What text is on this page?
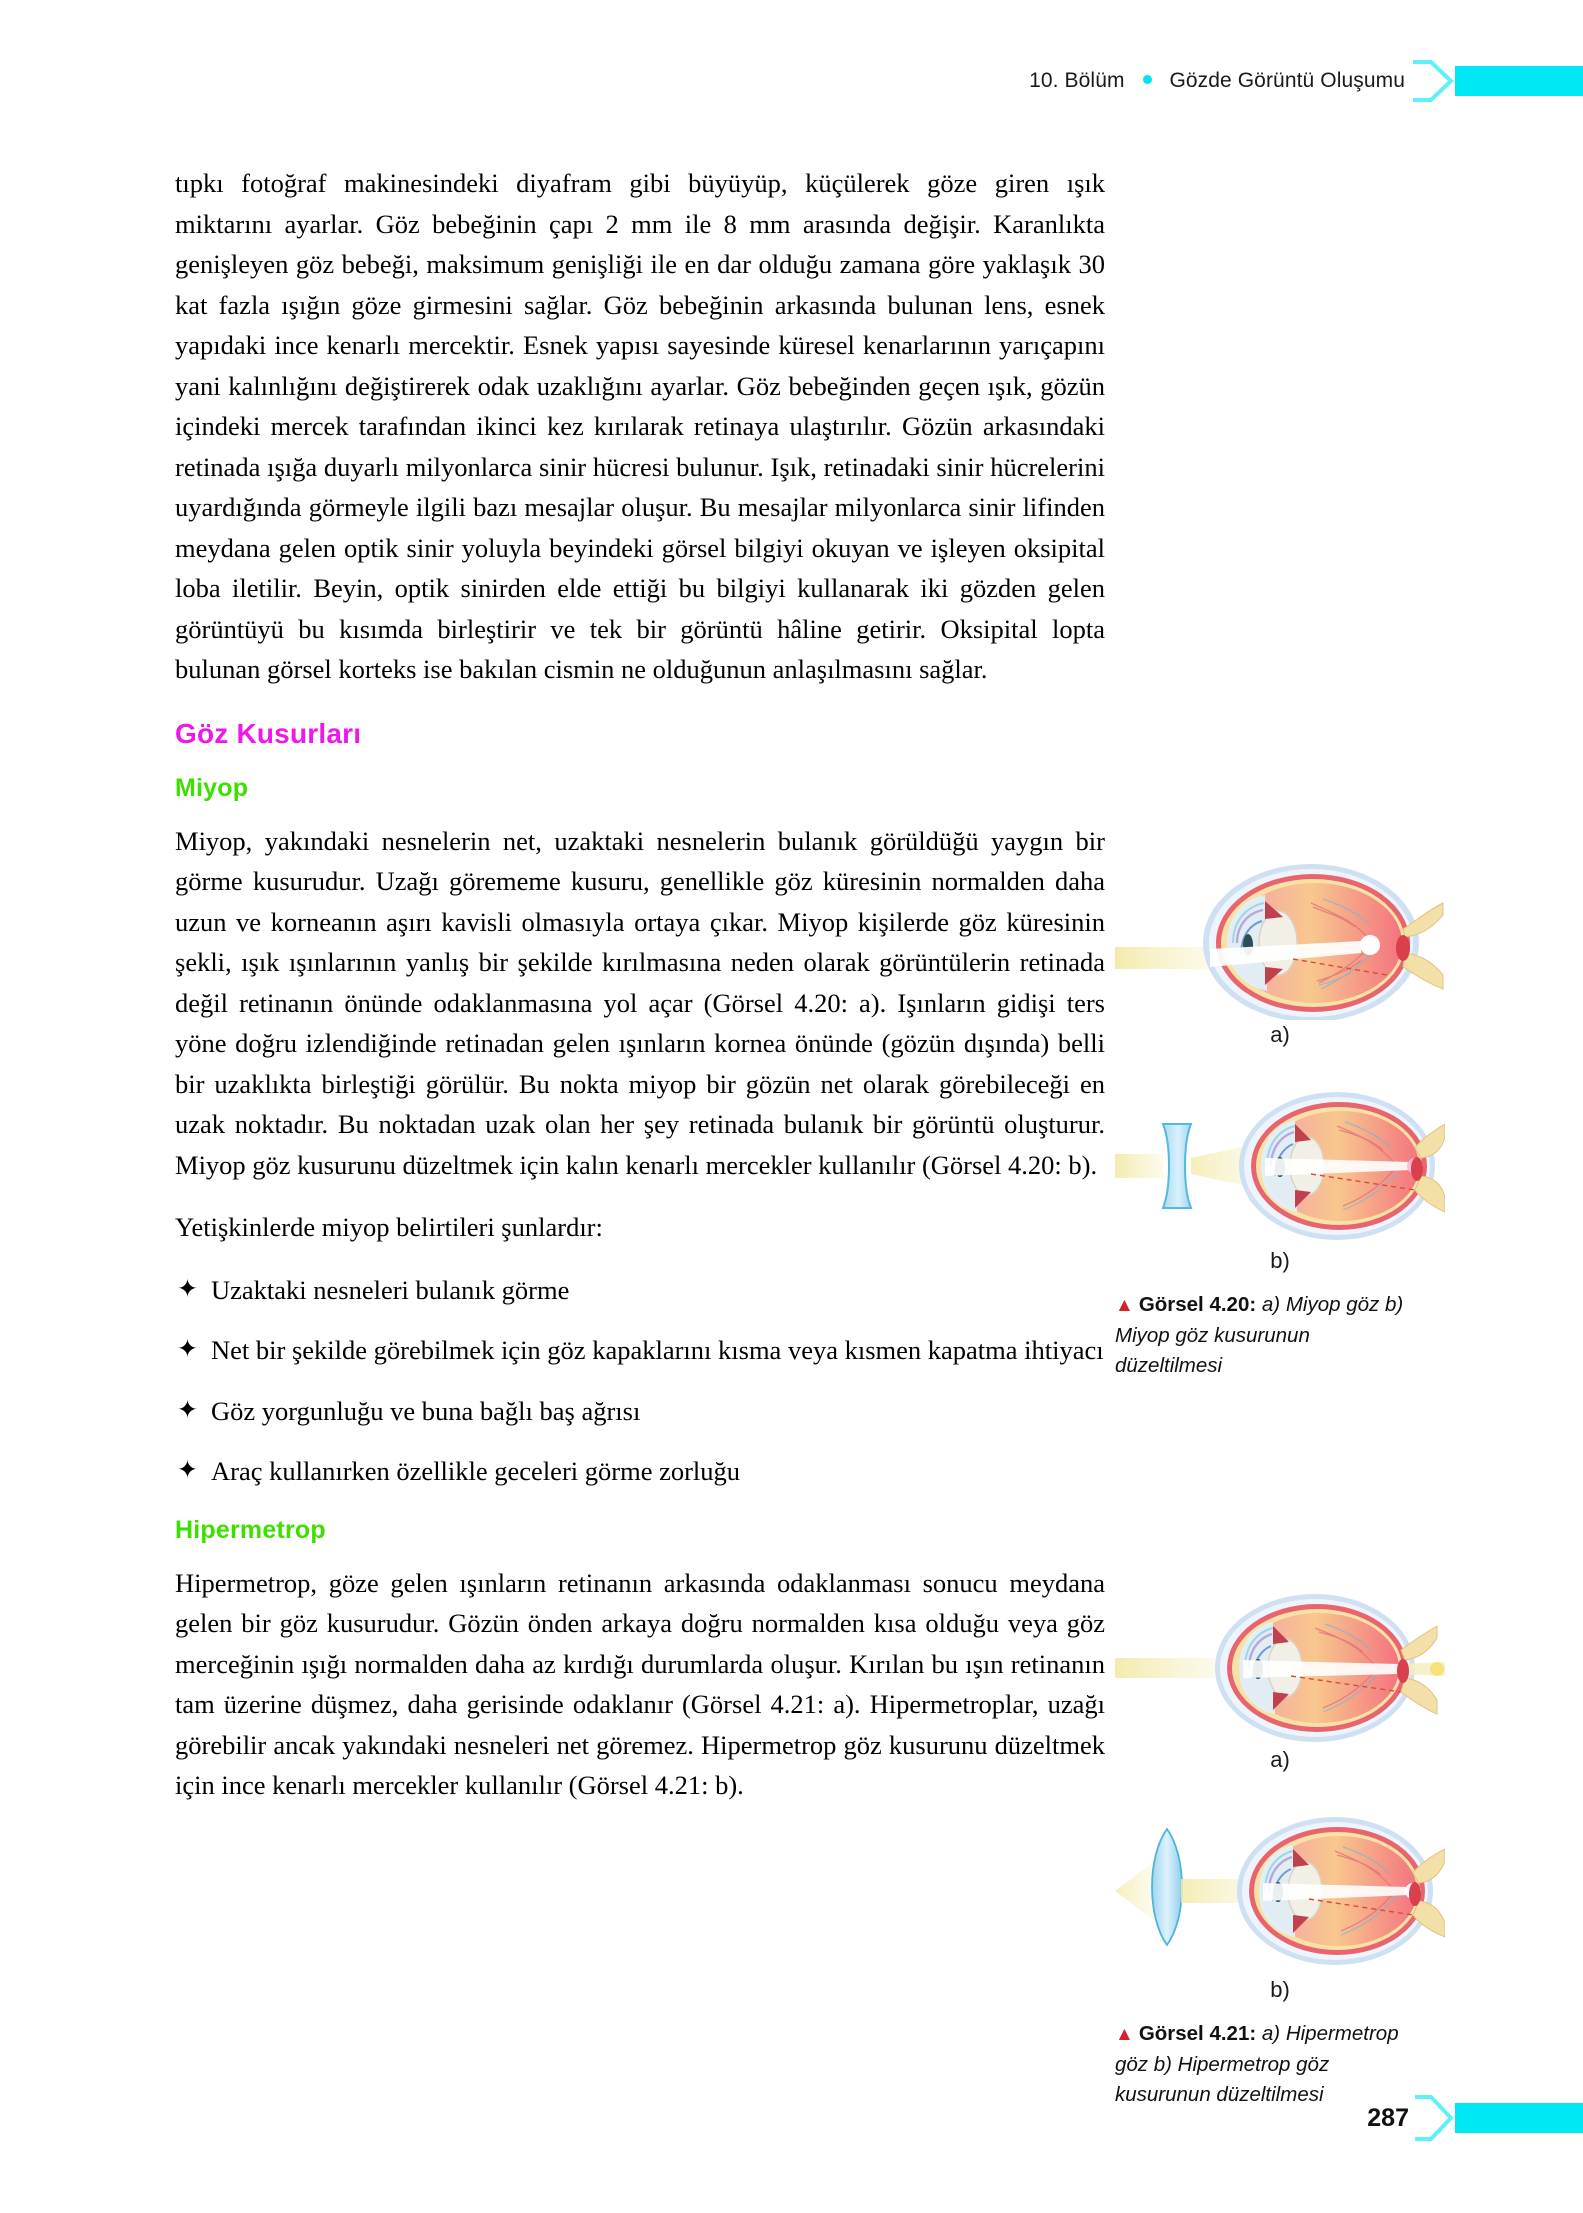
10. Bölüm Gözde Görüntü Oluşumu

tıpkı fotoğraf makinesindeki diyafram gibi büyüyüp, küçülerek göze giren ışık miktarını ayarlar. Göz bebeğinin çapı 2 mm ile 8 mm arasında değişir. Karanlıkta genişleyen göz bebeği, maksimum genişliği ile en dar olduğu zamana göre yaklaşık 30 kat fazla ışığın göze girmesini sağlar. Göz bebeğinin arkasında bulunan lens, esnek yapıdaki ince kenarlı mercektir. Esnek yapısı sayesinde küresel kenarlarının yarıçapını yani kalınlığını değiştirerek odak uzaklığını ayarlar. Göz bebeğinden geçen ışık, gözün içindeki mercek tarafından ikinci kez kırılarak retinaya ulaştırılır. Gözün arkasındaki retinada ışığa duyarlı milyonlarca sinir hücresi bulunur. Işık, retinadaki sinir hücrelerini uyardığında görmeyle ilgili bazı mesajlar oluşur. Bu mesajlar milyonlarca sinir lifinden meydana gelen optik sinir yoluyla beyindeki görsel bilgiyi okuyan ve işleyen oksipital loba iletilir. Beyin, optik sinirden elde ettiği bu bilgiyi kullanarak iki gözden gelen görüntüyü bu kısımda birleştirir ve tek bir görüntü hâline getirir. Oksipital lopta bulunan görsel korteks ise bakılan cismin ne olduğunun anlaşılmasını sağlar.

Göz Kusurları
Miyop

Miyop, yakındaki nesnelerin net, uzaktaki nesnelerin bulanık görüldüğü yaygın bir görme kusurudur. Uzağı görememe kusuru, genellikle göz küresinin normalden daha uzun ve korneanın aşırı kavisli olmasıyla ortaya çıkar. Miyop kişilerde göz küresinin şekli, ışık ışınlarının yanlış bir şekilde kırılmasına neden olarak görüntülerin retinada değil retinanın önünde odaklanmasına yol açar (Görsel 4.20: a). Işınların gidişi ters yöne doğru izlendiğinde retinadan gelen ışınların kornea önünde (gözün dışında) belli bir uzaklıkta birleştiği görülür. Bu nokta miyop bir gözün net olarak görebileceği en uzak noktadır. Bu noktadan uzak olan her şey retinada bulanık bir görüntü oluşturur. Miyop göz kusurunu düzeltmek için kalın kenarlı mercekler kullanılır (Görsel 4.20: b).

Yetişkinlerde miyop belirtileri şunlardır:

✦ Uzaktaki nesneleri bulanık görme
✦ Net bir şekilde görebilmek için göz kapaklarını kısma veya kısmen kapatma ihtiyacı
✦ Göz yorgunluğu ve buna bağlı baş ağrısı
✦ Araç kullanırken özellikle geceleri görme zorluğu
Hipermetrop

Hipermetrop, göze gelen ışınların retinanın arkasında odaklanması sonucu meydana gelen bir göz kusurudur. Gözün önden arkaya doğru normalden kısa olduğu veya göz merceğinin ışığı normalden daha az kırdığı durumlarda oluşur. Kırılan bu ışın retinanın tam üzerine düşmez, daha gerisinde odaklanır (Görsel 4.21: a). Hipermetroplar, uzağı görebilir ancak yakındaki nesneleri net göremez. Hipermetrop göz kusurunu düzeltmek için ince kenarlı mercekler kullanılır (Görsel 4.21: b).

a)
b)
▲ Görsel 4.20: a) Miyop göz b) Miyop göz kusurunun düzeltilmesi
a)
b)
▲ Görsel 4.21: a) Hipermetrop göz b) Hipermetrop göz kusurunun düzeltilmesi
287
